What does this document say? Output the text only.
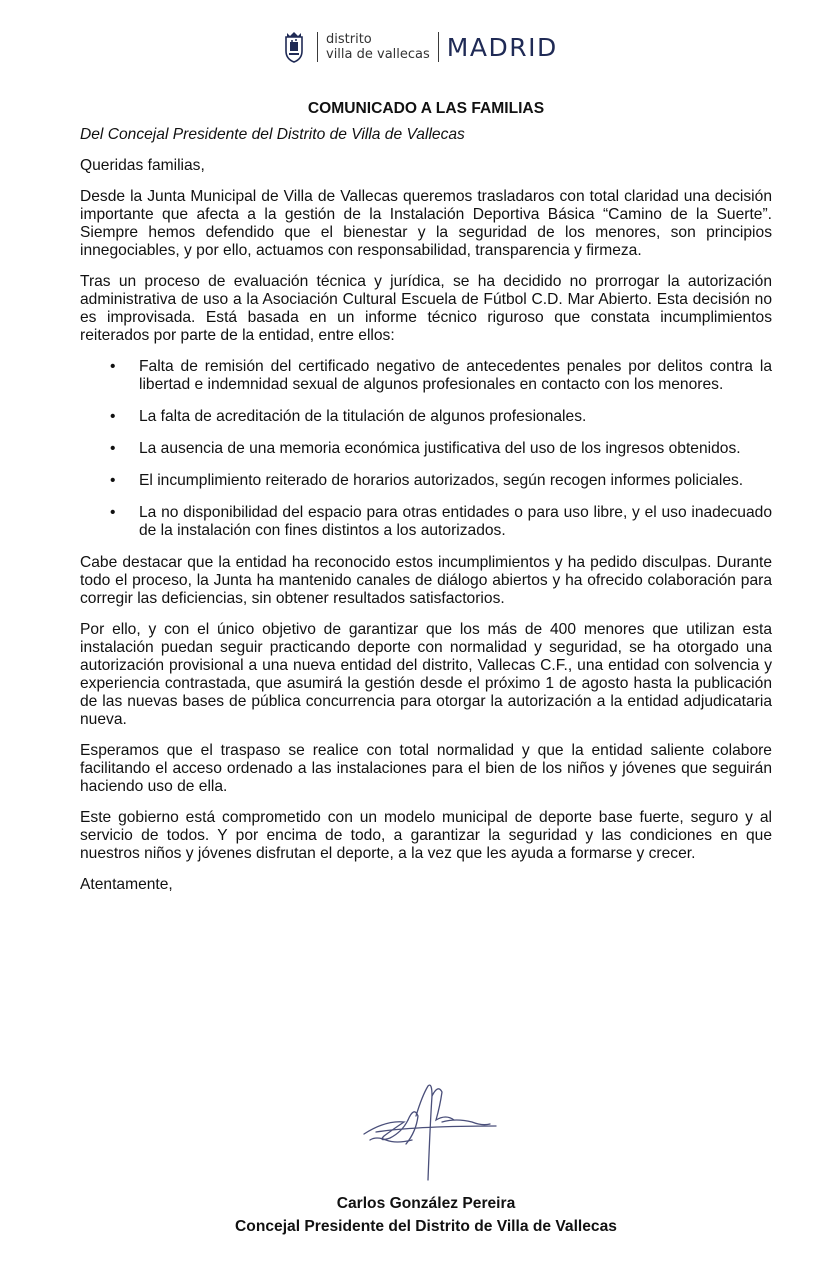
distrito
villa de vallecas MADRID
COMUNICADO A LAS FAMILIAS
Del Concejal Presidente del Distrito de Villa de Vallecas
Queridas familias,
Desde la Junta Municipal de Villa de Vallecas queremos trasladaros con total claridad una decisión importante que afecta a la gestión de la Instalación Deportiva Básica “Camino de la Suerte”. Siempre hemos defendido que el bienestar y la seguridad de los menores, son principios innegociables, y por ello, actuamos con responsabilidad, transparencia y firmeza.
Tras un proceso de evaluación técnica y jurídica, se ha decidido no prorrogar la autorización administrativa de uso a la Asociación Cultural Escuela de Fútbol C.D. Mar Abierto. Esta decisión no es improvisada. Está basada en un informe técnico riguroso que constata incumplimientos reiterados por parte de la entidad, entre ellos:
• Falta de remisión del certificado negativo de antecedentes penales por delitos contra la libertad e indemnidad sexual de algunos profesionales en contacto con los menores.
• La falta de acreditación de la titulación de algunos profesionales.
• La ausencia de una memoria económica justificativa del uso de los ingresos obtenidos.
• El incumplimiento reiterado de horarios autorizados, según recogen informes policiales.
• La no disponibilidad del espacio para otras entidades o para uso libre, y el uso inadecuado de la instalación con fines distintos a los autorizados.
Cabe destacar que la entidad ha reconocido estos incumplimientos y ha pedido disculpas. Durante todo el proceso, la Junta ha mantenido canales de diálogo abiertos y ha ofrecido colaboración para corregir las deficiencias, sin obtener resultados satisfactorios.
Por ello, y con el único objetivo de garantizar que los más de 400 menores que utilizan esta instalación puedan seguir practicando deporte con normalidad y seguridad, se ha otorgado una autorización provisional a una nueva entidad del distrito, Vallecas C.F., una entidad con solvencia y experiencia contrastada, que asumirá la gestión desde el próximo 1 de agosto hasta la publicación de las nuevas bases de pública concurrencia para otorgar la autorización a la entidad adjudicataria nueva.
Esperamos que el traspaso se realice con total normalidad y que la entidad saliente colabore facilitando el acceso ordenado a las instalaciones para el bien de los niños y jóvenes que seguirán haciendo uso de ella.
Este gobierno está comprometido con un modelo municipal de deporte base fuerte, seguro y al servicio de todos. Y por encima de todo, a garantizar la seguridad y las condiciones en que nuestros niños y jóvenes disfrutan el deporte, a la vez que les ayuda a formarse y crecer.
Atentamente,
Carlos González Pereira
Concejal Presidente del Distrito de Villa de Vallecas
